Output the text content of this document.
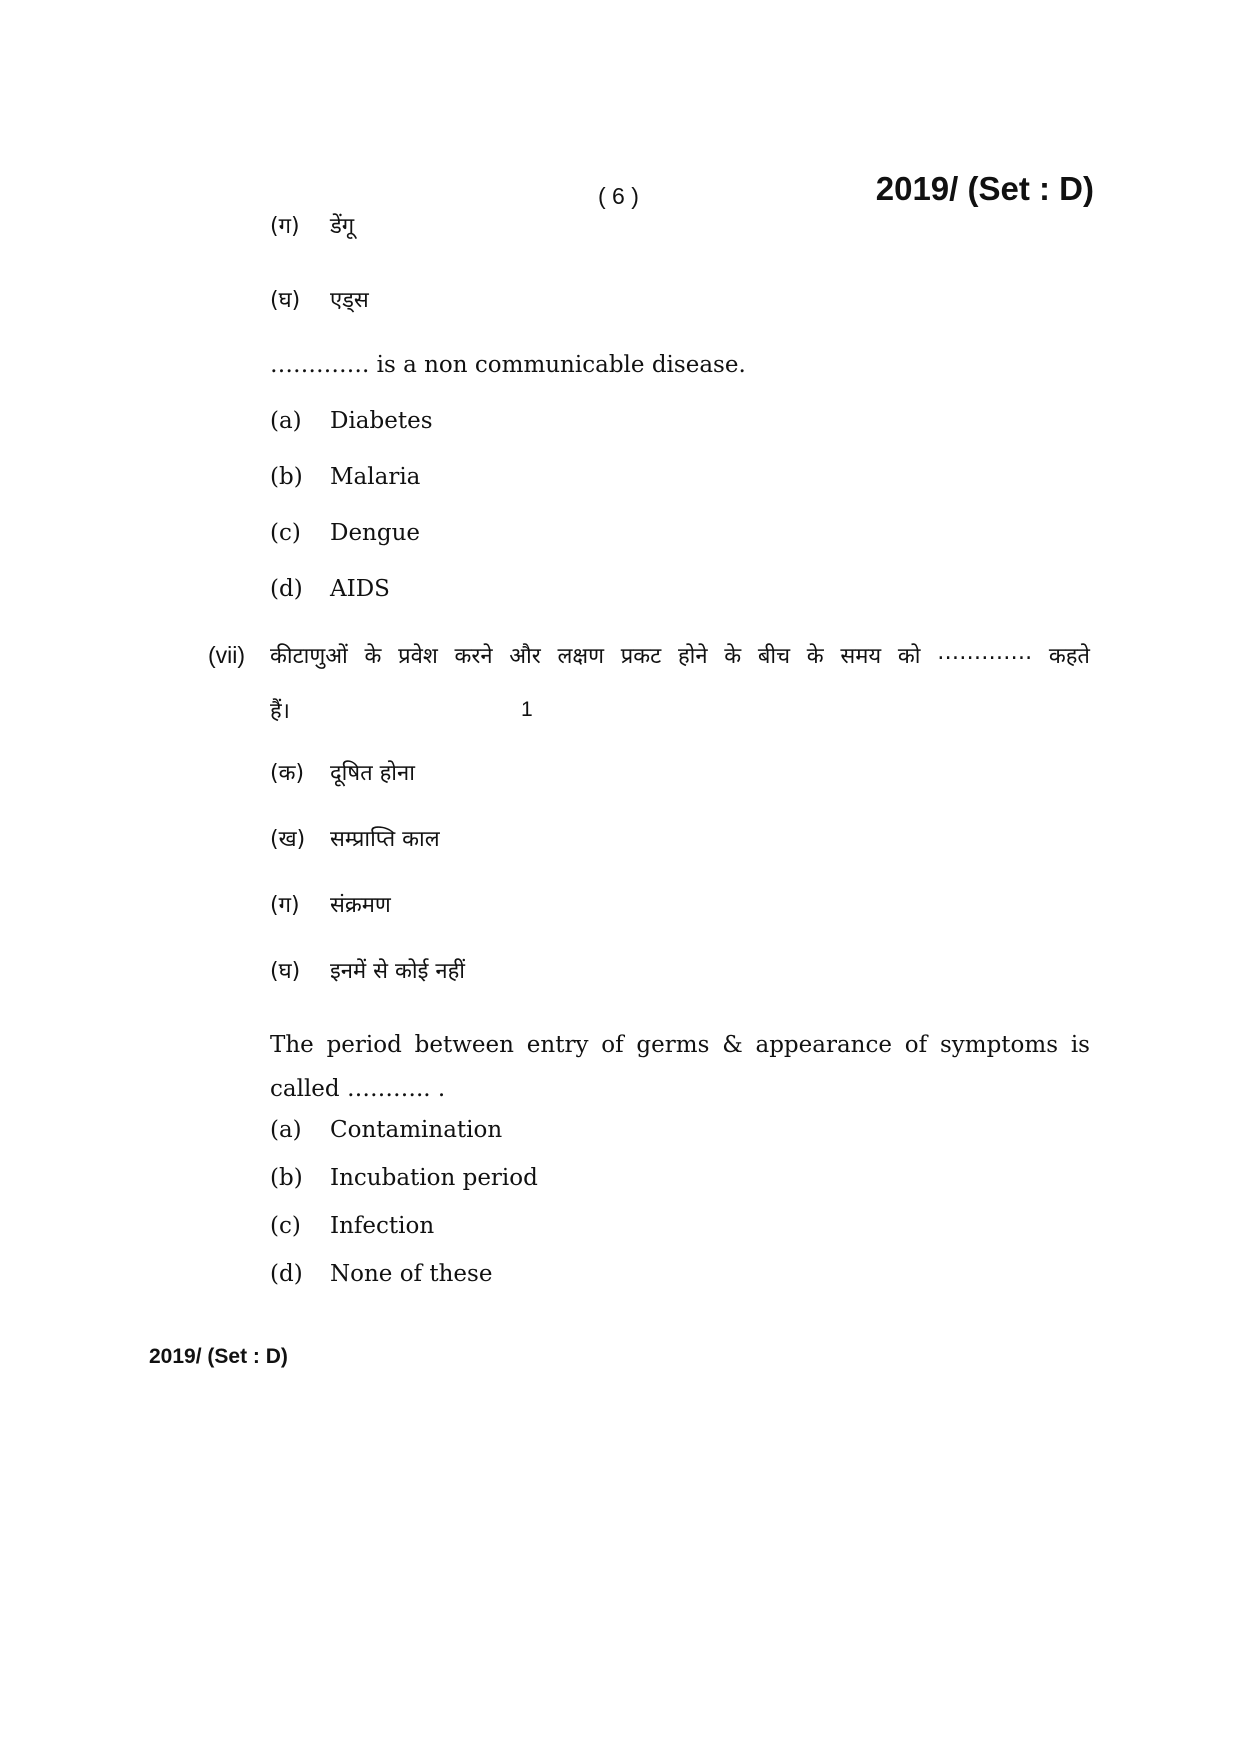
( 6 )	2019/ (Set : D)
(ग) डेंगू
(घ) एड्स
…………. is a non communicable disease.
(a) Diabetes
(b) Malaria
(c) Dengue
(d) AIDS
(vii) कीटाणुओं के प्रवेश करने और लक्षण प्रकट होने के बीच के समय को …………. कहते
हैं।	1
(क) दूषित होना
(ख) सम्प्राप्ति काल
(ग) संक्रमण
(घ) इनमें से कोई नहीं
The period between entry of germs & appearance of symptoms is called ……….. .
(a) Contamination
(b) Incubation period
(c) Infection
(d) None of these
2019/ (Set : D)
